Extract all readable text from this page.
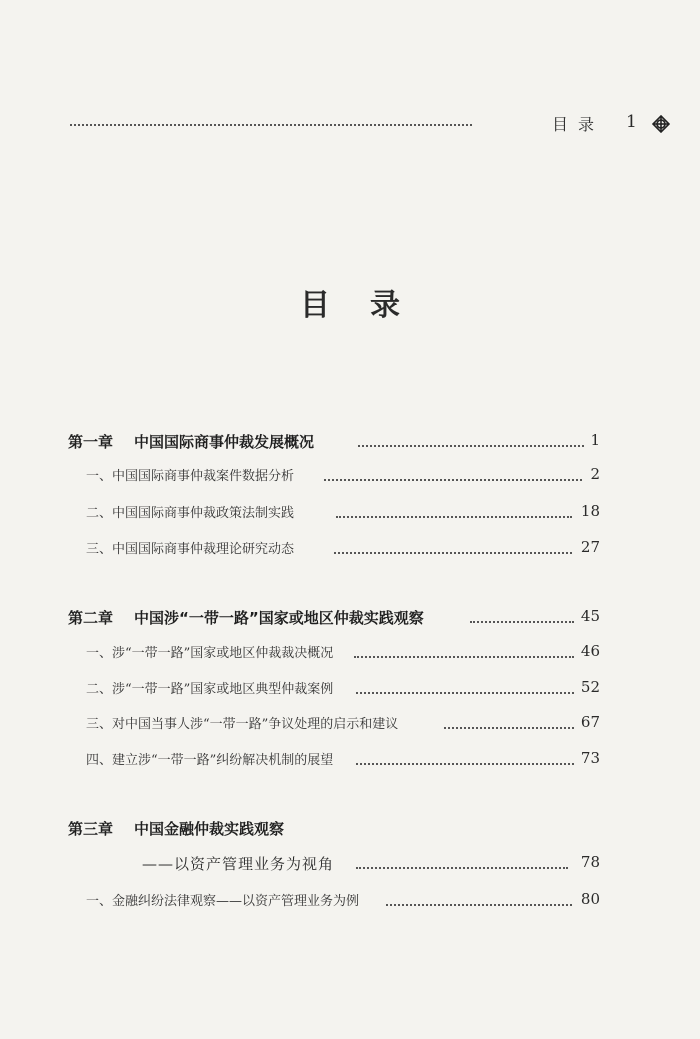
目录 1
目录
第一章 中国国际商事仲裁发展概况	1
一、中国国际商事仲裁案件数据分析	2
二、中国国际商事仲裁政策法制实践	18
三、中国国际商事仲裁理论研究动态	27
第二章 中国涉“一带一路”国家或地区仲裁实践观察	45
一、涉“一带一路”国家或地区仲裁裁决概况	46
二、涉“一带一路”国家或地区典型仲裁案例	52
三、对中国当事人涉“一带一路”争议处理的启示和建议	67
四、建立涉“一带一路”纠纷解决机制的展望	73
第三章 中国金融仲裁实践观察
——以资产管理业务为视角	78
一、金融纠纷法律观察——以资产管理业务为例	80
